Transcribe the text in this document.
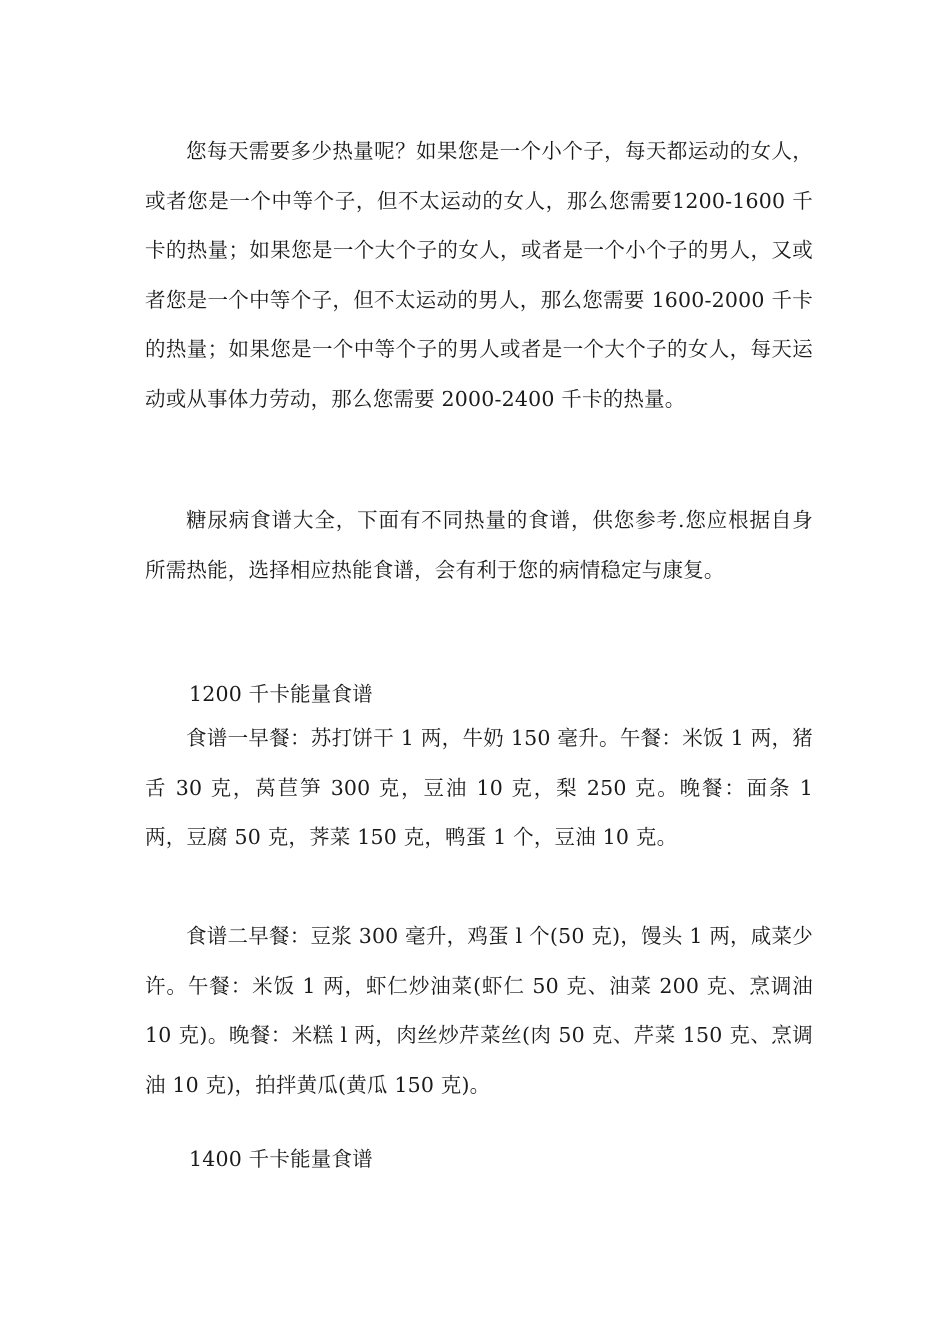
您每天需要多少热量呢？如果您是一个小个子，每天都运动的女人，或者您是一个中等个子，但不太运动的女人，那么您需要1200-1600 千卡的热量；如果您是一个大个子的女人，或者是一个小个子的男人，又或者您是一个中等个子，但不太运动的男人，那么您需要 1600-2000 千卡的热量；如果您是一个中等个子的男人或者是一个大个子的女人，每天运动或从事体力劳动，那么您需要 2000-2400 千卡的热量。

糖尿病食谱大全，下面有不同热量的食谱，供您参考.您应根据自身所需热能，选择相应热能食谱，会有利于您的病情稳定与康复。

1200 千卡能量食谱

食谱一早餐：苏打饼干 1 两，牛奶 150 毫升。午餐：米饭 1 两，猪舌 30 克，莴苣笋 300 克，豆油 10 克，梨 250 克。晚餐：面条 1 两，豆腐 50 克，荠菜 150 克，鸭蛋 1 个，豆油 10 克。

食谱二早餐：豆浆 300 毫升，鸡蛋 l 个(50 克)，馒头 1 两，咸菜少许。午餐：米饭 1 两，虾仁炒油菜(虾仁 50 克、油菜 200 克、烹调油 10 克)。晚餐：米糕 l 两，肉丝炒芹菜丝(肉 50 克、芹菜 150 克、烹调油 10 克)，拍拌黄瓜(黄瓜 150 克)。

1400 千卡能量食谱
